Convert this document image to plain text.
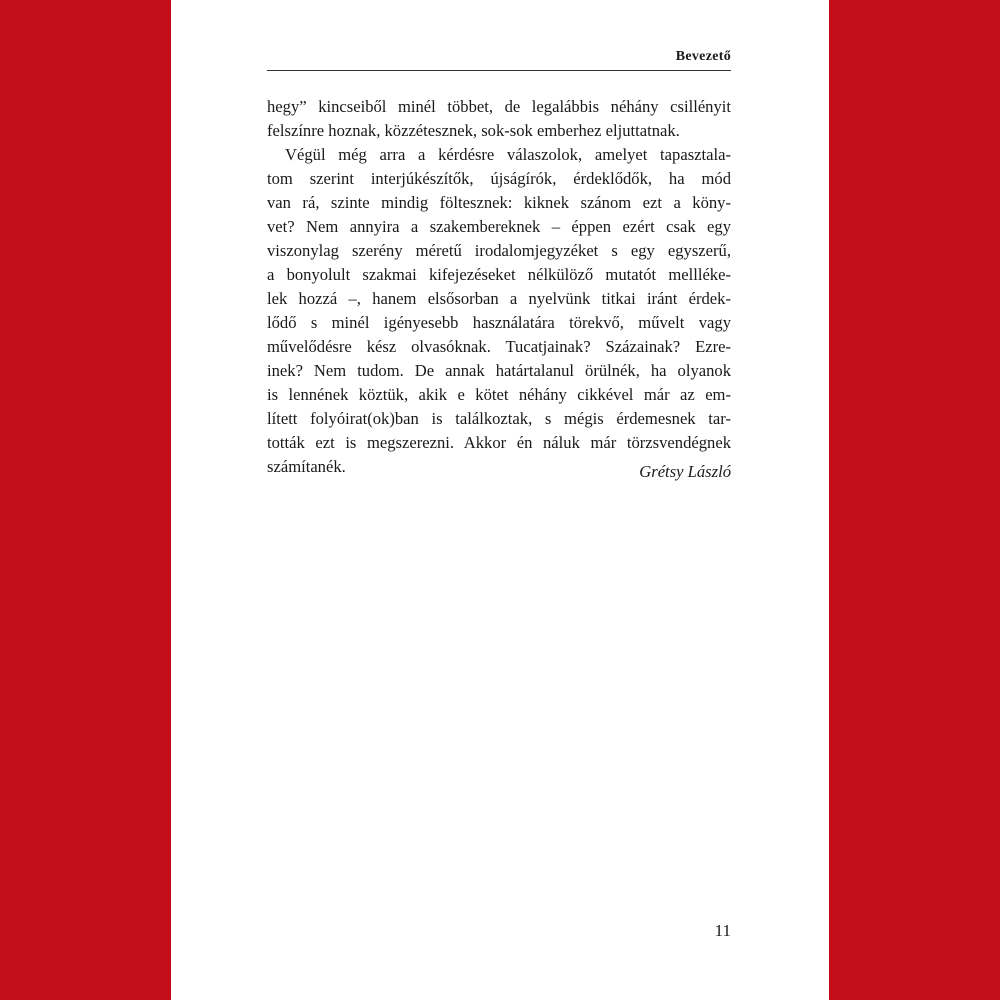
Bevezető
hegy” kincseiből minél többet, de legalábbis néhány csillényit
felszínre hoznak, közzétesznek, sok-sok emberhez eljuttatnak.
Végül még arra a kérdésre válaszolok, amelyet tapasztala-
tom szerint interjúkészítők, újságírók, érdeklődők, ha mód
van rá, szinte mindig föltesznek: kiknek szánom ezt a köny-
vet? Nem annyira a szakembereknek – éppen ezért csak egy
viszonylag szerény méretű irodalomjegyzéket s egy egyszerű,
a bonyolult szakmai kifejezéseket nélkülöző mutatót mellléke-
lek hozzá –, hanem elsősorban a nyelvünk titkai iránt érdek-
lődő s minél igényesebb használatára törekvő, művelt vagy
művelődésre kész olvasóknak. Tucatjainak? Százainak? Ezre-
inek? Nem tudom. De annak határtalanul örülnék, ha olyanok
is lennének köztük, akik e kötet néhány cikkével már az em-
lített folyóirat(ok)ban is találkoztak, s mégis érdemesnek tar-
tották ezt is megszerezni. Akkor én náluk már törzsvendégnek
számítanék.	Grétsy László
11
